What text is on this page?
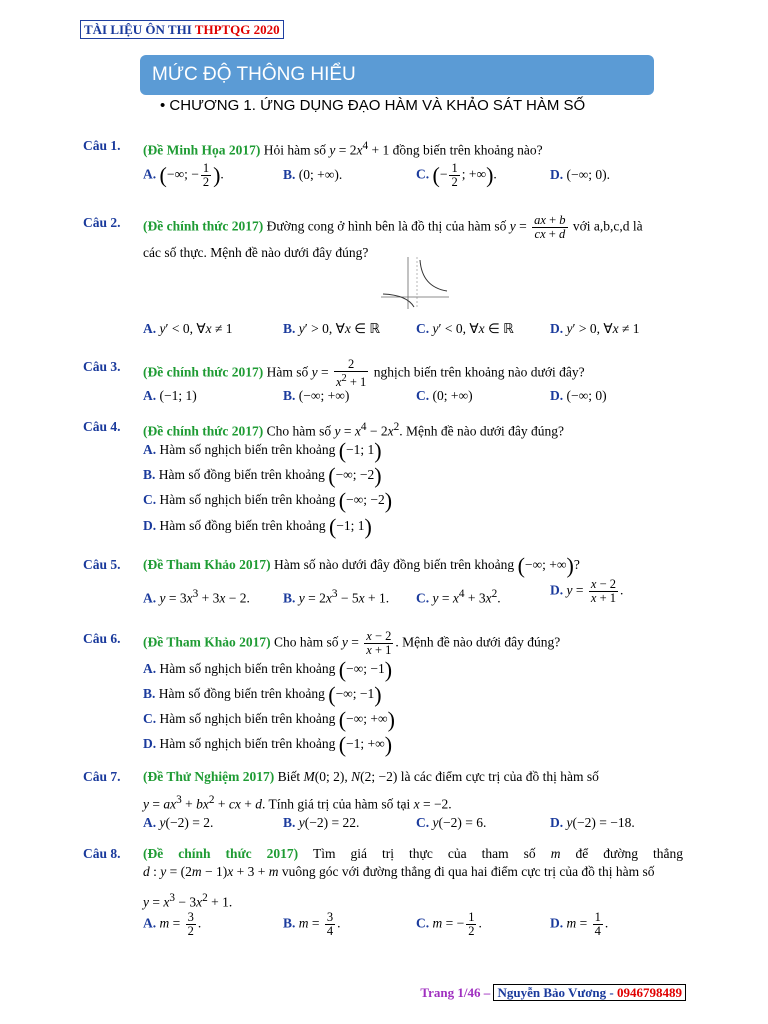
TÀI LIỆU ÔN THI THPTQG 2020
MỨC ĐỘ THÔNG HIỂU
• CHƯƠNG 1. ỨNG DỤNG ĐẠO HÀM VÀ KHẢO SÁT HÀM SỐ
Câu 1. (Đề Minh Họa 2017) Hỏi hàm số $y = 2x^4 + 1$ đồng biến trên khoảng nào?
A. (−∞; − $\frac{1}{2}$ ).	B. (0; +∞).	C. (− $\frac{1}{2}$ ; +∞).	D. (−∞; 0).
Câu 2. (Đề chính thức 2017) Đường cong ở hình bên là đồ thị của hàm số $y = \frac{ax + b}{cx + d}$ với a,b,c,d là
các số thực. Mệnh đề nào dưới đây đúng?
A. y′ < 0, ∀x ≠ 1	B. y′ > 0, ∀x ∈ ℝ	C. y′ < 0, ∀x ∈ ℝ	D. y′ > 0, ∀x ≠ 1
Câu 3. (Đề chính thức 2017) Hàm số $y = \frac{2}{x^2 + 1}$ nghịch biến trên khoảng nào dưới đây?
A. (−1; 1)	B. (−∞; +∞)	C. (0; +∞)	D. (−∞; 0)
Câu 4. (Đề chính thức 2017) Cho hàm số $y = x^4 - 2x^2$. Mệnh đề nào dưới đây đúng?
A. Hàm số nghịch biến trên khoảng (−1; 1)
B. Hàm số đồng biến trên khoảng (−∞; −2)
C. Hàm số nghịch biến trên khoảng (−∞; −2)
D. Hàm số đồng biến trên khoảng (−1; 1)
Câu 5. (Đề Tham Khảo 2017) Hàm số nào dưới đây đồng biến trên khoảng (−∞; +∞)?
A. $y = 3x^3 + 3x - 2$. B. $y = 2x^3 - 5x + 1$. C. $y = x^4 + 3x^2$.
D. $y = \frac{x - 2}{x + 1}$ .
Câu 6. (Đề Tham Khảo 2017) Cho hàm số $y = \frac{x - 2}{x + 1}$ . Mệnh đề nào dưới đây đúng?
A. Hàm số nghịch biến trên khoảng (−∞; −1)
B. Hàm số đồng biến trên khoảng (−∞; −1)
C. Hàm số nghịch biến trên khoảng (−∞; +∞)
D. Hàm số nghịch biến trên khoảng (−1; +∞)
Câu 7. (Đề Thử Nghiệm 2017) Biết M(0; 2), N(2; −2) là các điểm cực trị của đồ thị hàm số
$y = ax^3 + bx^2$ + cx + d. Tính giá trị của hàm số tại x = −2.
A. y(−2) = 2.	B. y(−2) = 22.	C. y(−2) = 6.	D. y(−2) = −18.
Câu 8. (Đề chính thức 2017) Tìm giá trị thực của tham số m để đường thẳng
d : y = (2m − 1)x + 3 + m vuông góc với đường thẳng đi qua hai điểm cực trị của đồ thị hàm số
$y = x^3 - 3x^2 + 1$.
A. $m = \frac{3}{2}$ .	B. $m = \frac{3}{4}$ .	C. m = − $\frac{1}{2}$ .	D. $m = \frac{1}{4}$ .
Trang 1/46 – Nguyễn Bảo Vương - 0946798489
